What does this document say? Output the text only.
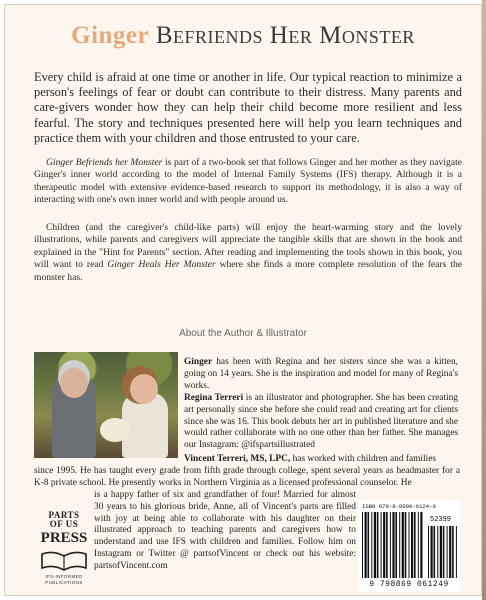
Ginger Befriends Her Monster
Every child is afraid at one time or another in life. Our typical reaction to minimize a person's feelings of fear or doubt can contribute to their distress. Many parents and care-givers wonder how they can help their child become more resilient and less fearful. The story and techniques presented here will help you learn techniques and practice them with your children and those entrusted to your care.
Ginger Befriends her Monster is part of a two-book set that follows Ginger and her mother as they navigate Ginger's inner world according to the model of Internal Family Systems (IFS) therapy. Although it is a therapeutic model with extensive evidence-based research to support its methodology, it is also a way of interacting with one's own inner world and with people around us.
Children (and the caregiver's child-like parts) will enjoy the heart-warming story and the lovely illustrations, while parents and caregivers will appreciate the tangible skills that are shown in the book and explained in the "Hint for Parents" section. After reading and implementing the tools shown in this book, you will want to read Ginger Heals Her Monster where she finds a more complete resolution of the fears the monster has.
About the Author & Illustrator
Ginger has been with Regina and her sisters since she was a kitten, going on 14 years. She is the inspiration and model for many of Regina's works.
Regina Terreri is an illustrator and photographer. She has been creating art personally since she before she could read and creating art for clients since she was 16. This book debuts her art in published literature and she would rather collaborate with no one other than her father. She manages our Instagram: @ifspartsillustrated
Vincent Terreri, MS, LPC, has worked with children and families
since 1995. He has taught every grade from fifth grade through college, spent several years as headmaster for a K-8 private school. He presently works in Northern Virginia as a licensed professional counselor. He
is a happy father of six and grandfather of four! Married for almost 30 years to his glorious bride, Anne, all of Vincent's parts are filled with joy at being able to collaborate with his daughter on their illustrated approach to teaching parents and caregivers how to understand and use IFS with children and families. Follow him on Instagram or Twitter @ partsofVincent or check out his website: partsofVincent.com
PARTS
OF US
PRESS
IFS-INFORMED PUBLICATIONS
ISBN 979-8-8690-6124-9
52399
9 798869 061249
